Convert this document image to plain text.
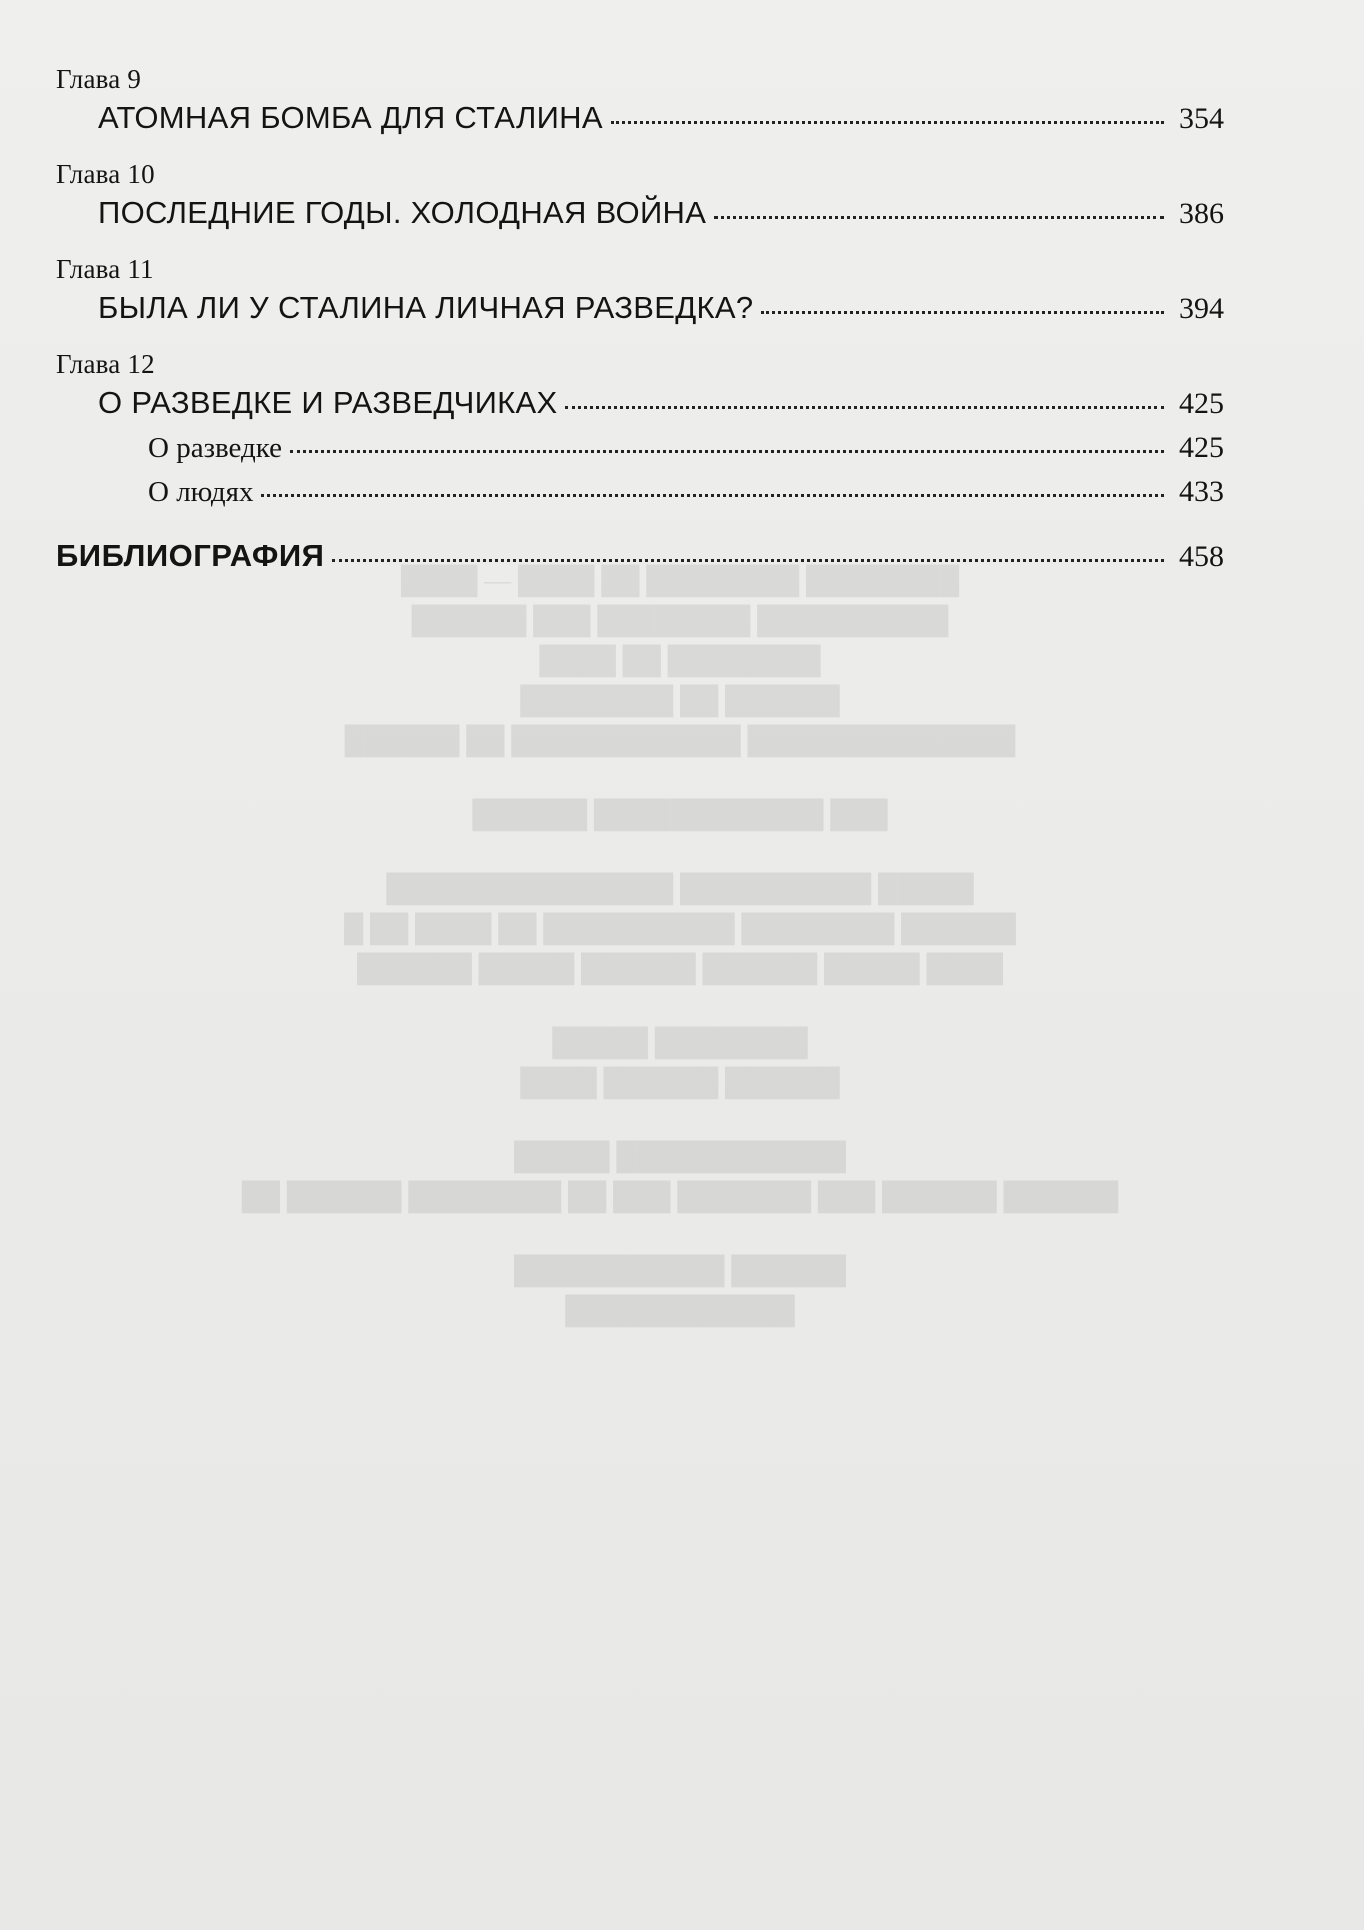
████████ ████████ ██ ████ — ████
██████████ ████████ ███ ██████
████████ ██ ████
██████ ██ ████████
██████████████ ████████████ ██ ██████
███ ████████████ ██████
█████ ██████████ ███████████████
██████ ████████ ██████████ ██ ████ ██ █
████ █████ ██████ ██████ █████ ██████
████████ █████
██████ ██████ ████
████████████ █████
██████ ██████ ███ ███████ ███ ██ ████████ ██████ ██
██████ ███████████
████████████
Глава 9
АТОМНАЯ БОМБА ДЛЯ СТАЛИНА	354
Глава 10
ПОСЛЕДНИЕ ГОДЫ. ХОЛОДНАЯ ВОЙНА	386
Глава 11
БЫЛА ЛИ У СТАЛИНА ЛИЧНАЯ РАЗВЕДКА?	394
Глава 12
О РАЗВЕДКЕ И РАЗВЕДЧИКАХ	425
О разведке	425
О людях	433
БИБЛИОГРАФИЯ	458
